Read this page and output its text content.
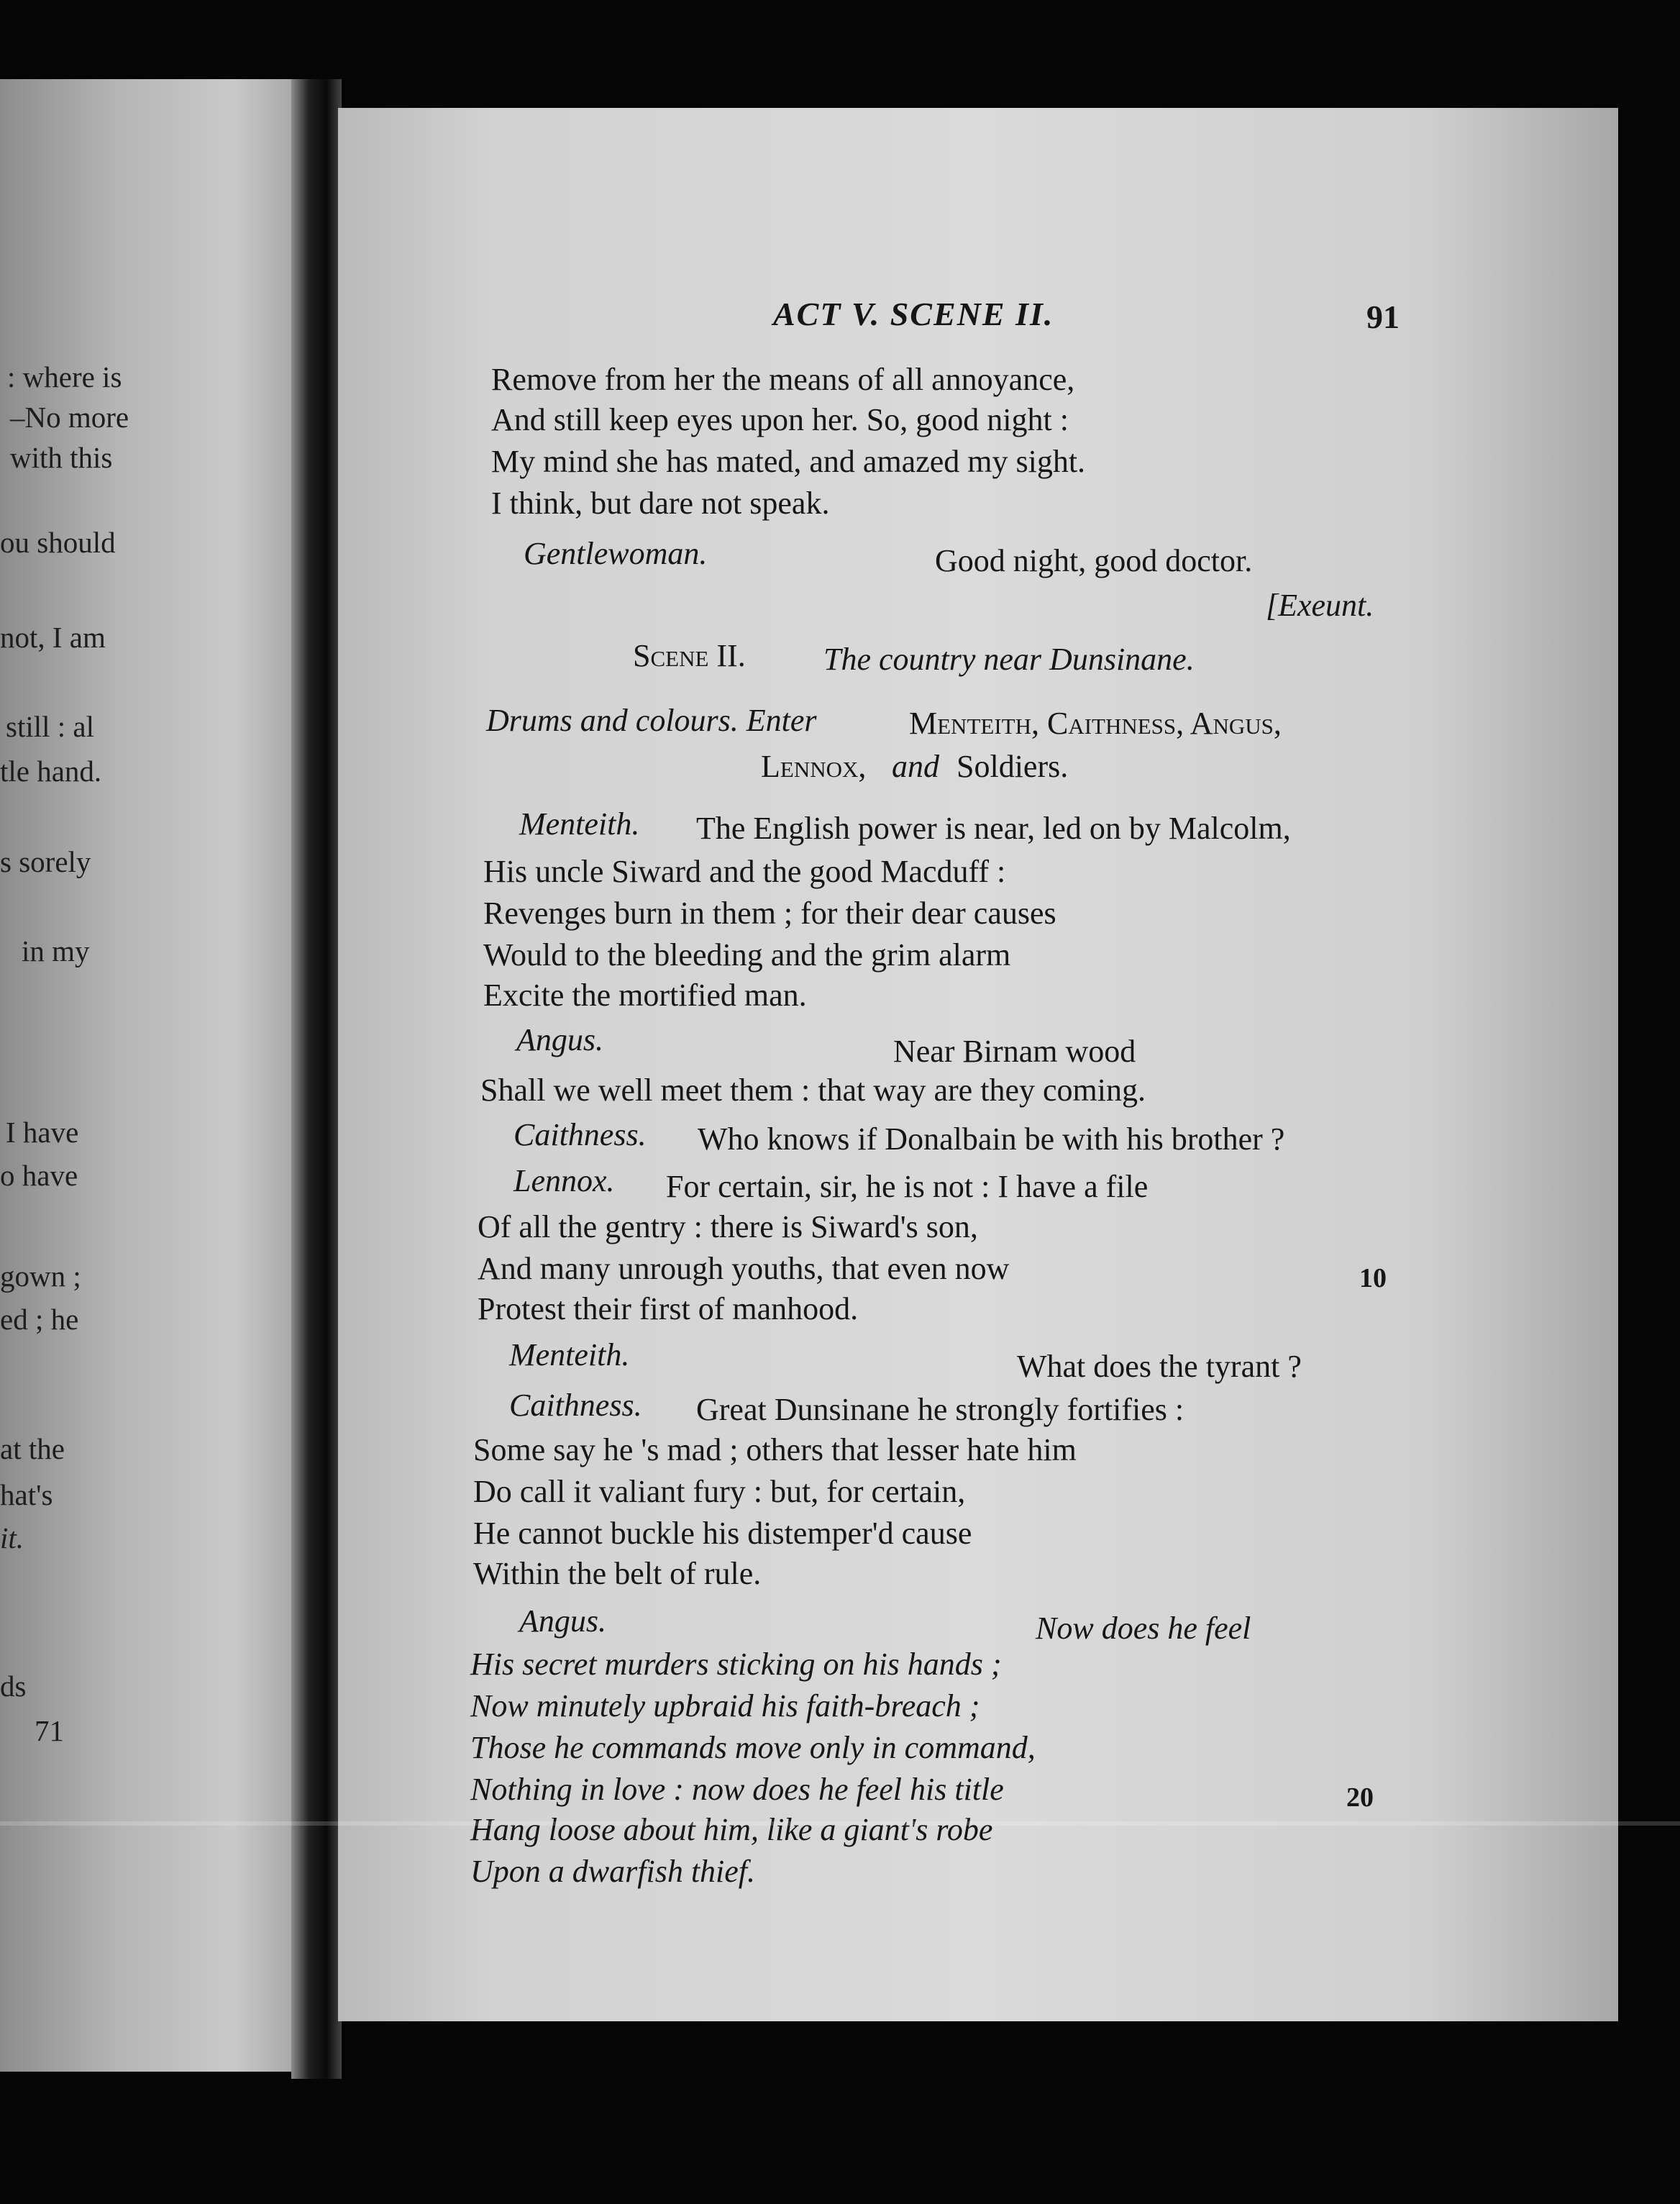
: where is
–No more
with this
ou should
not, I am
still : al
tle hand.
s sorely
in my
I have
o have
gown ;
ed ; he
at the
hat's
it.
ds
71
ACT V. SCENE II.	91
Remove from her the means of all annoyance,
And still keep eyes upon her. So, good night :
My mind she has mated, and amazed my sight.
I think, but dare not speak.
Gentlewoman.	Good night, good doctor.
[Exeunt.
Scene II. The country near Dunsinane.
Drums and colours. Enter	Menteith, Caithness, Angus,
Lennox, and Soldiers.
Menteith. The English power is near, led on by Malcolm,
His uncle Siward and the good Macduff :
Revenges burn in them ; for their dear causes
Would to the bleeding and the grim alarm
Excite the mortified man.
Angus.	Near Birnam wood
Shall we well meet them : that way are they coming.
Caithness. Who knows if Donalbain be with his brother ?
Lennox. For certain, sir, he is not : I have a file
Of all the gentry : there is Siward's son,
And many unrough youths, that even now	10
Protest their first of manhood.
Menteith.	What does the tyrant ?
Caithness. Great Dunsinane he strongly fortifies :
Some say he 's mad ; others that lesser hate him
Do call it valiant fury : but, for certain,
He cannot buckle his distemper'd cause
Within the belt of rule.
Angus.	Now does he feel
His secret murders sticking on his hands ;
Now minutely upbraid his faith-breach ;
Those he commands move only in command,
Nothing in love : now does he feel his title	20
Hang loose about him, like a giant's robe
Upon a dwarfish thief.
